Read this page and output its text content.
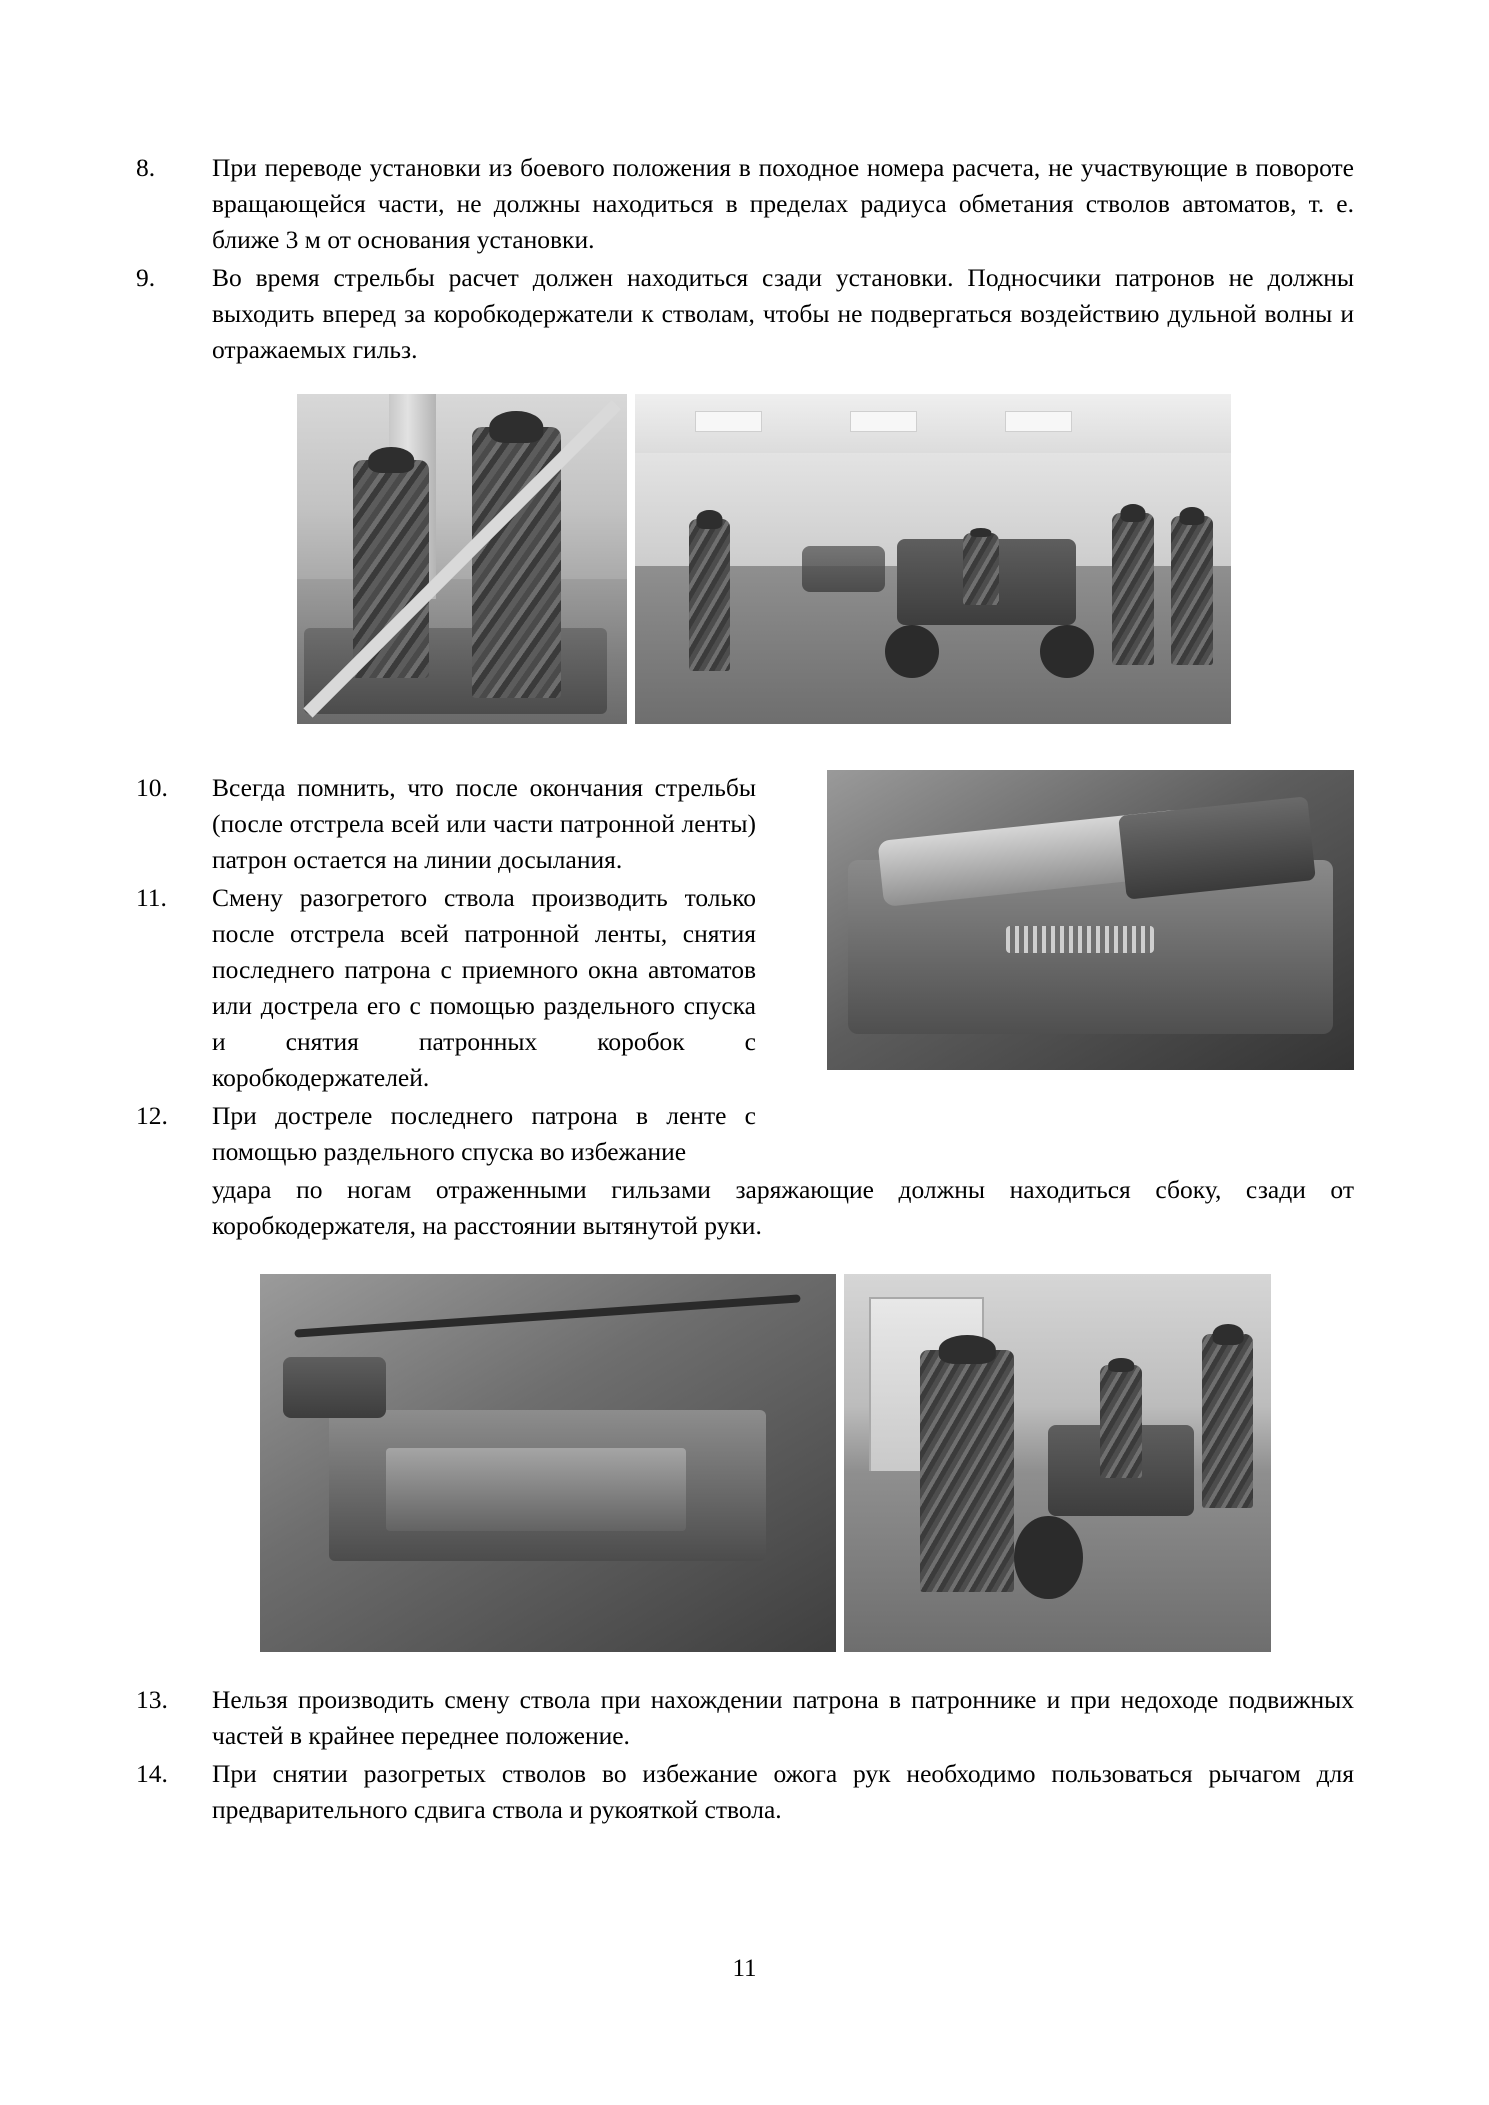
8.	При переводе установки из боевого положения в походное номера расчета, не участвующие в повороте вращающейся части, не должны находиться в пределах радиуса обметания стволов автоматов, т. е. ближе 3 м от основания установки.
9.	Во время стрельбы расчет должен находиться сзади установки. Подносчики патронов не должны выходить вперед за коробкодержатели к стволам, чтобы не подвергаться воздействию дульной волны и отражаемых гильз.
10.	Всегда помнить, что после окончания стрельбы (после отстрела всей или части патронной ленты) патрон остается на линии досылания.
11.	Смену разогретого ствола производить только после отстрела всей патронной ленты, снятия последнего патрона с приемного окна автоматов или дострела его с помощью раздельного спуска и снятия патронных коробок с коробкодержателей.
12.	При достреле последнего патрона в ленте с помощью раздельного спуска во избежание
удара по ногам отраженными гильзами заряжающие должны находиться сбоку, сзади от коробкодержателя, на расстоянии вытянутой руки.
13.	Нельзя производить смену ствола при нахождении патрона в патроннике и при недоходе подвижных частей в крайнее переднее положение.
14.	При снятии разогретых стволов во избежание ожога рук необходимо пользоваться рычагом для предварительного сдвига ствола и рукояткой ствола.
11
